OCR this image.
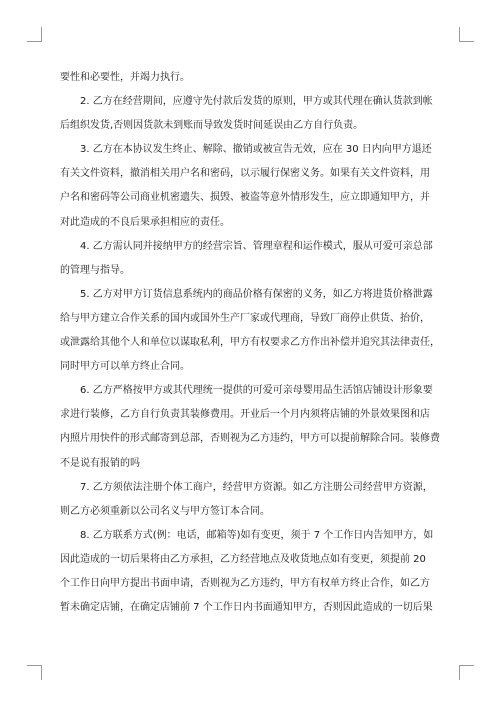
要性和必要性，并竭力执行。
　　2. 乙方在经营期间，应遵守先付款后发货的原则，甲方或其代理在确认货款到帐
后组织发货,否则因货款未到账而导致发货时间延误由乙方自行负责。
　　3. 乙方在本协议发生终止、解除、撤销或被宣告无效，应在 30 日内向甲方退还
有关文件资料，撤消相关用户名和密码，以示履行保密义务。如果有关文件资料，用
户名和密码等公司商业机密遗失、损毁、被盗等意外情形发生，应立即通知甲方，并
对此造成的不良后果承担相应的责任。
　　4. 乙方需认同并接纳甲方的经营宗旨、管理章程和运作模式，服从可爱可亲总部
的管理与指导。
　　5. 乙方对甲方订货信息系统内的商品价格有保密的义务，如乙方将进货价格泄露
给与甲方建立合作关系的国内或国外生产厂家或代理商，导致厂商停止供货、抬价，
或泄露给其他个人和单位以谋取私利，甲方有权要求乙方作出补偿并追究其法律责任，
同时甲方可以单方终止合同。
　　6. 乙方严格按甲方或其代理统一提供的可爱可亲母婴用品生活馆店铺设计形象要
求进行装修，乙方自行负责其装修费用。开业后一个月内须将店铺的外景效果图和店
内照片用快件的形式邮寄到总部，否则视为乙方违约，甲方可以提前解除合同。装修费
不是说有报销的吗
　　7. 乙方须依法注册个体工商户，经营甲方资源。如乙方注册公司经营甲方资源，
则乙方必须重新以公司名义与甲方签订本合同。
　　8. 乙方联系方式(例：电话，邮箱等)如有变更，须于 7 个工作日内告知甲方，如
因此造成的一切后果将由乙方承担，乙方经营地点及收货地点如有变更，须提前 20
个工作日向甲方提出书面申请，否则视为乙方违约，甲方有权单方终止合作，如乙方
暂未确定店铺，在确定店铺前 7 个工作日内书面通知甲方，否则因此造成的一切后果
